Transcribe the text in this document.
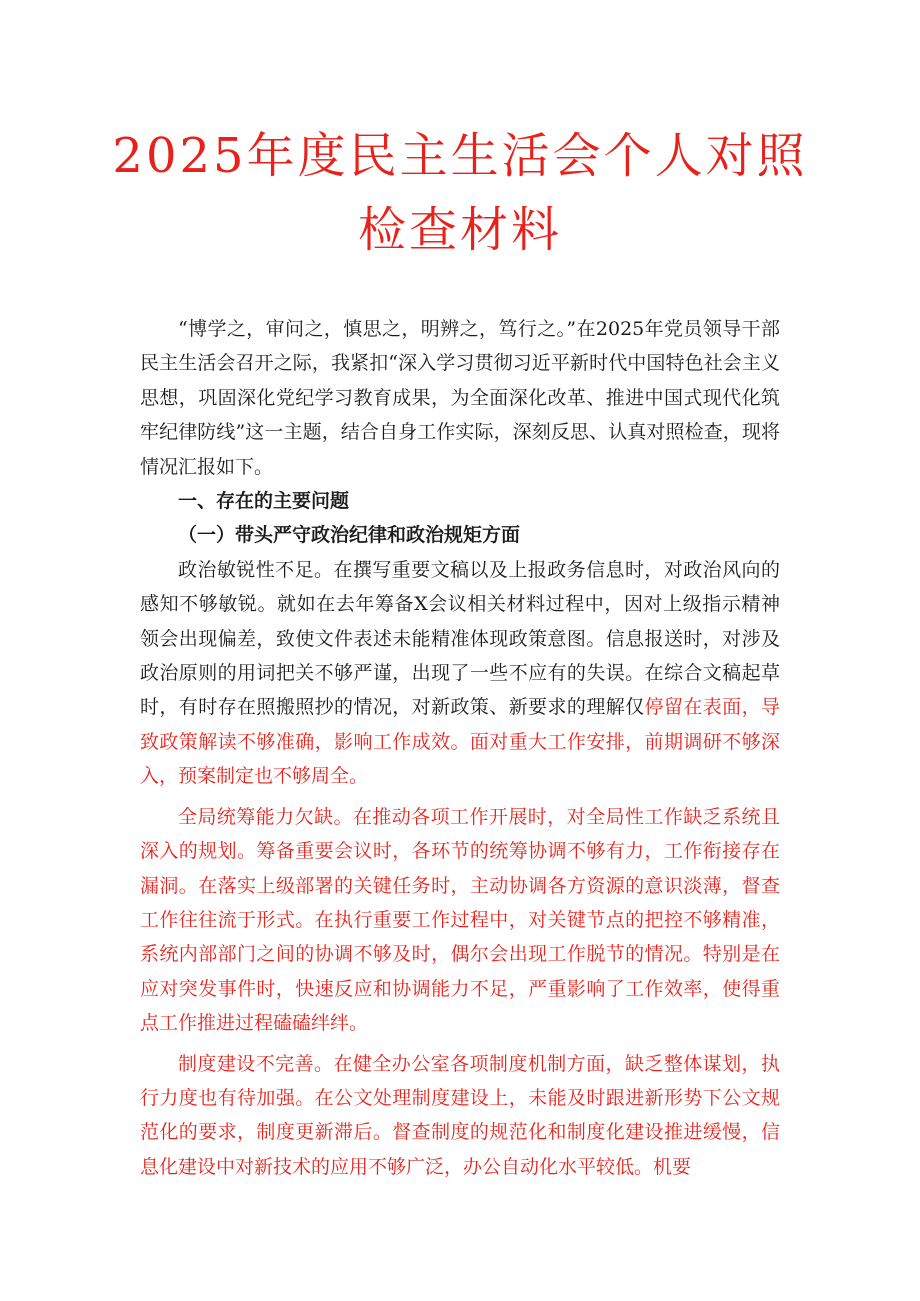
2025年度民主生活会个人对照
检查材料

“博学之，审问之，慎思之，明辨之，笃行之。”在2025年党员领导干部民主生活会召开之际，我紧扣“深入学习贯彻习近平新时代中国特色社会主义思想，巩固深化党纪学习教育成果，为全面深化改革、推进中国式现代化筑牢纪律防线”这一主题，结合自身工作实际，深刻反思、认真对照检查，现将情况汇报如下。

一、存在的主要问题

（一）带头严守政治纪律和政治规矩方面

政治敏锐性不足。在撰写重要文稿以及上报政务信息时，对政治风向的感知不够敏锐。就如在去年筹备X会议相关材料过程中，因对上级指示精神领会出现偏差，致使文件表述未能精准体现政策意图。信息报送时，对涉及政治原则的用词把关不够严谨，出现了一些不应有的失误。在综合文稿起草时，有时存在照搬照抄的情况，对新政策、新要求的理解仅停留在表面，导致政策解读不够准确，影响工作成效。面对重大工作安排，前期调研不够深入，预案制定也不够周全。

全局统筹能力欠缺。在推动各项工作开展时，对全局性工作缺乏系统且深入的规划。筹备重要会议时，各环节的统筹协调不够有力，工作衔接存在漏洞。在落实上级部署的关键任务时，主动协调各方资源的意识淡薄，督查工作往往流于形式。在执行重要工作过程中，对关键节点的把控不够精准，系统内部部门之间的协调不够及时，偶尔会出现工作脱节的情况。特别是在应对突发事件时，快速反应和协调能力不足，严重影响了工作效率，使得重点工作推进过程磕磕绊绊。

制度建设不完善。在健全办公室各项制度机制方面，缺乏整体谋划，执行力度也有待加强。在公文处理制度建设上，未能及时跟进新形势下公文规范化的要求，制度更新滞后。督查制度的规范化和制度化建设推进缓慢，信息化建设中对新技术的应用不够广泛，办公自动化水平较低。机要
